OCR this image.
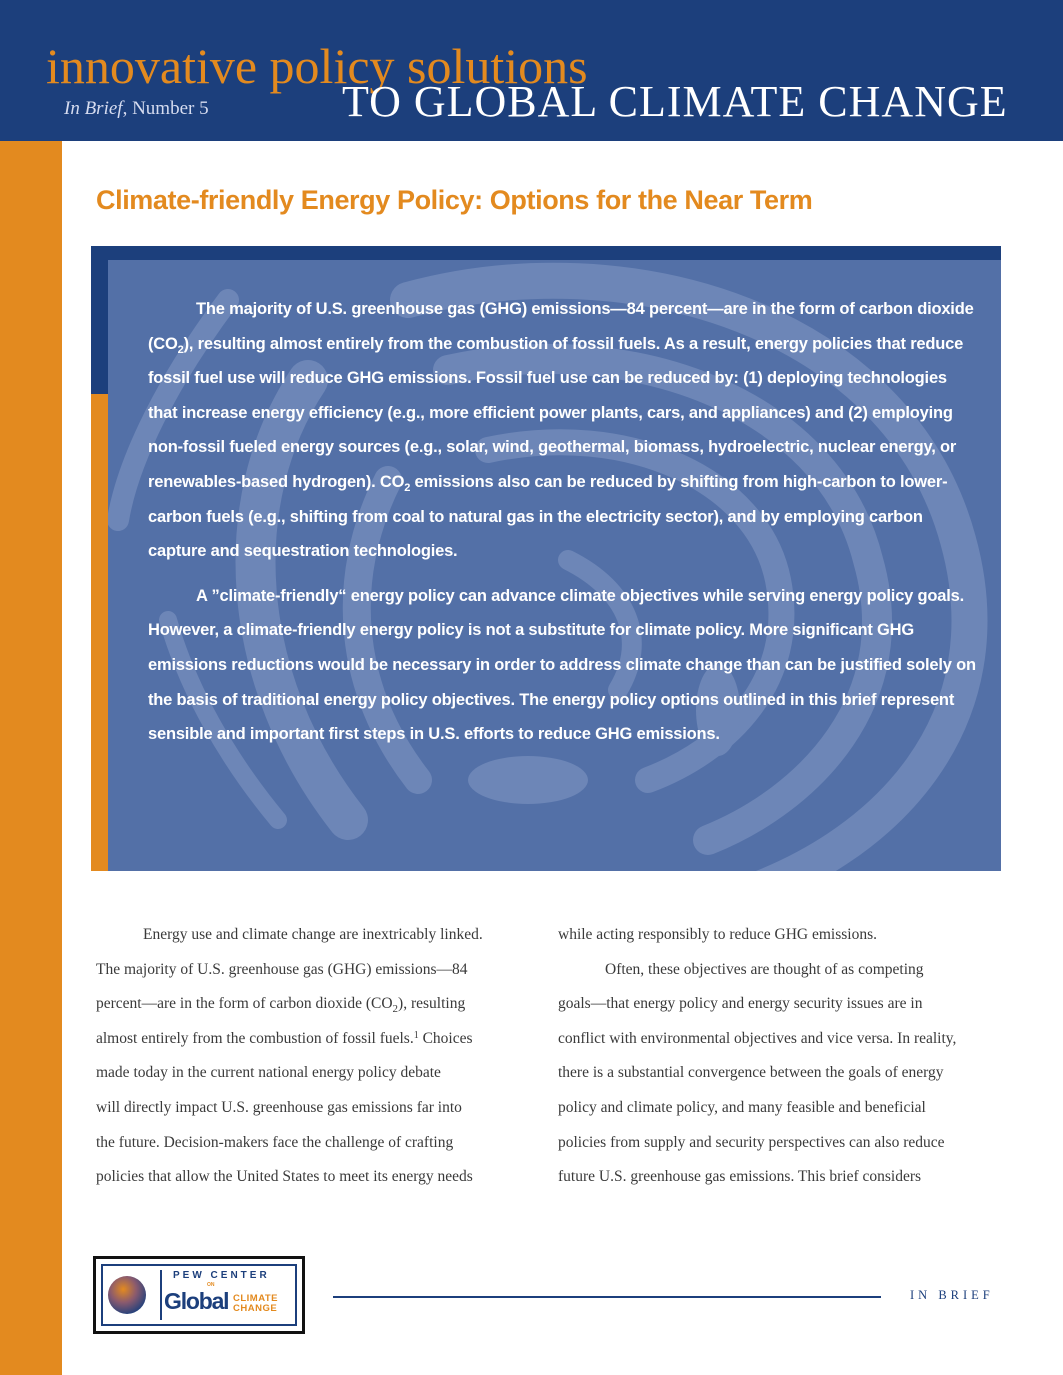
innovative policy solutions
TO GLOBAL CLIMATE CHANGE
In Brief, Number 5
Climate-friendly Energy Policy: Options for the Near Term

The majority of U.S. greenhouse gas (GHG) emissions—84 percent—are in the form of carbon dioxide $(CO_2)$, resulting almost entirely from the combustion of fossil fuels. As a result, energy policies that reduce fossil fuel use will reduce GHG emissions. Fossil fuel use can be reduced by: (1) deploying technologies that increase energy efficiency (e.g., more efficient power plants, cars, and appliances) and (2) employing non-fossil fueled energy sources (e.g., solar, wind, geothermal, biomass, hydroelectric, nuclear energy, or renewables-based hydrogen). $CO_2$ emissions also can be reduced by shifting from high-carbon to lower-carbon fuels (e.g., shifting from coal to natural gas in the electricity sector), and by employing carbon capture and sequestration technologies.

A ”climate-friendly“ energy policy can advance climate objectives while serving energy policy goals. However, a climate-friendly energy policy is not a substitute for climate policy. More significant GHG emissions reductions would be necessary in order to address climate change than can be justified solely on the basis of traditional energy policy objectives. The energy policy options outlined in this brief represent sensible and important first steps in U.S. efforts to reduce GHG emissions.

Energy use and climate change are inextricably linked.

The majority of U.S. greenhouse gas (GHG) emissions—84

percent—are in the form of carbon dioxide $(CO_2)$, resulting

almost entirely from the combustion of fossil fuels.$^1$ Choices

made today in the current national energy policy debate

will directly impact U.S. greenhouse gas emissions far into

the future. Decision-makers face the challenge of crafting

policies that allow the United States to meet its energy needs

while acting responsibly to reduce GHG emissions.

Often, these objectives are thought of as competing

goals—that energy policy and energy security issues are in

conflict with environmental objectives and vice versa. In reality,

there is a substantial convergence between the goals of energy

policy and climate policy, and many feasible and beneficial

policies from supply and security perspectives can also reduce

future U.S. greenhouse gas emissions. This brief considers

PEW CENTER
ON
Global CLIMATE
CHANGE
IN BRIEF
